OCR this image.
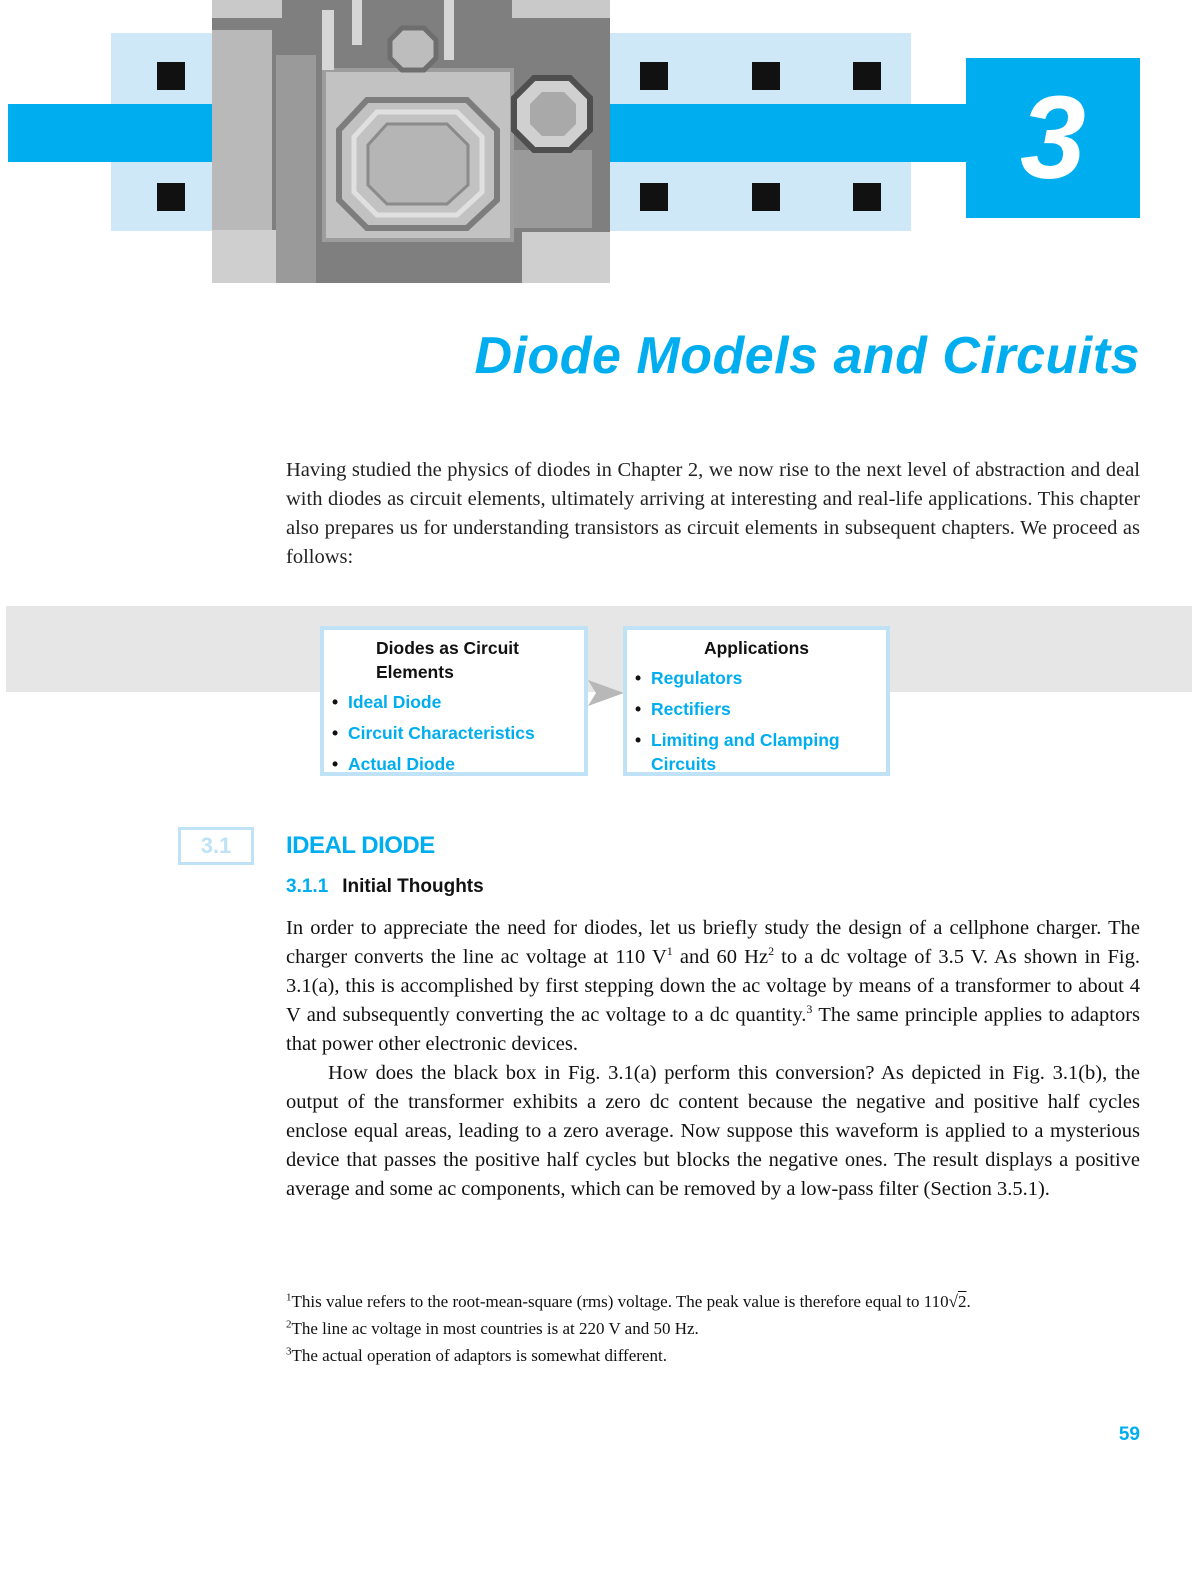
3
Diode Models and Circuits

Having studied the physics of diodes in Chapter 2, we now rise to the next level of abstraction and deal with diodes as circuit elements, ultimately arriving at interesting and real-life applications. This chapter also prepares us for understanding transistors as circuit elements in subsequent chapters. We proceed as follows:

Diodes as Circuit Elements
• Ideal Diode
• Circuit Characteristics
• Actual Diode
Applications
• Regulators
• Rectifiers
• Limiting and Clamping Circuits
3.1	IDEAL DIODE
3.1.1 Initial Thoughts

In order to appreciate the need for diodes, let us briefly study the design of a cellphone charger. The charger converts the line ac voltage at 110 $V^1$ and 60 Hz$^2$ to a dc voltage of 3.5 V. As shown in Fig. 3.1(a), this is accomplished by first stepping down the ac voltage by means of a transformer to about 4 V and subsequently converting the ac voltage to a dc quantity.$^3$ The same principle applies to adaptors that power other electronic devices.

How does the black box in Fig. 3.1(a) perform this conversion? As depicted in Fig. 3.1(b), the output of the transformer exhibits a zero dc content because the negative and positive half cycles enclose equal areas, leading to a zero average. Now suppose this waveform is applied to a mysterious device that passes the positive half cycles but blocks the negative ones. The result displays a positive average and some ac components, which can be removed by a low-pass filter (Section 3.5.1).

$^1$This value refers to the root-mean-square (rms) voltage. The peak value is therefore equal to 110√2.
$^2$The line ac voltage in most countries is at 220 V and 50 Hz.
$^3$The actual operation of adaptors is somewhat different.
59
